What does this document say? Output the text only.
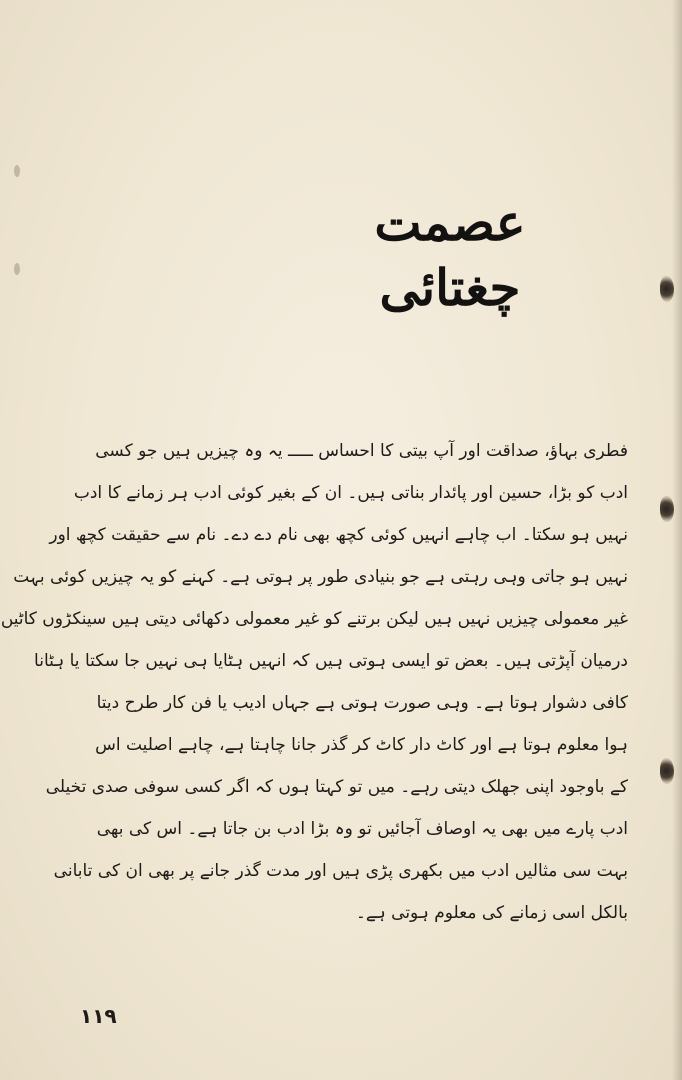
عصمت چغتائی
فطری بہاؤ، صداقت اور آپ بیتی کا احساس ـــــ یہ وہ چیزیں ہیں جو کسی
ادب کو بڑا، حسین اور پائدار بناتی ہیں۔ ان کے بغیر کوئی ادب ہر زمانے کا ادب
نہیں ہو سکتا۔ اب چاہے انہیں کوئی کچھ بھی نام دے دے۔ نام سے حقیقت کچھ اور
نہیں ہو جاتی وہی رہتی ہے جو بنیادی طور پر ہوتی ہے۔ کہنے کو یہ چیزیں کوئی بہت
غیر معمولی چیزیں نہیں ہیں لیکن برتنے کو غیر معمولی دکھائی دیتی ہیں سینکڑوں کاٹیں
درمیان آپڑتی ہیں۔ بعض تو ایسی ہوتی ہیں کہ انہیں ہٹایا ہی نہیں جا سکتا یا ہٹانا
کافی دشوار ہوتا ہے۔ وہی صورت ہوتی ہے جہاں ادیب یا فن کار طرح دیتا
ہوا معلوم ہوتا ہے اور کاٹ دار کاٹ کر گذر جانا چاہتا ہے، چاہے اصلیت اس
کے باوجود اپنی جھلک دیتی رہے۔ میں تو کہتا ہوں کہ اگر کسی سوفی صدی تخیلی
ادب پارے میں بھی یہ اوصاف آجائیں تو وہ بڑا ادب بن جاتا ہے۔ اس کی بھی
بہت سی مثالیں ادب میں بکھری پڑی ہیں اور مدت گذر جانے پر بھی ان کی تابانی
بالکل اسی زمانے کی معلوم ہوتی ہے۔
۱۱۹
